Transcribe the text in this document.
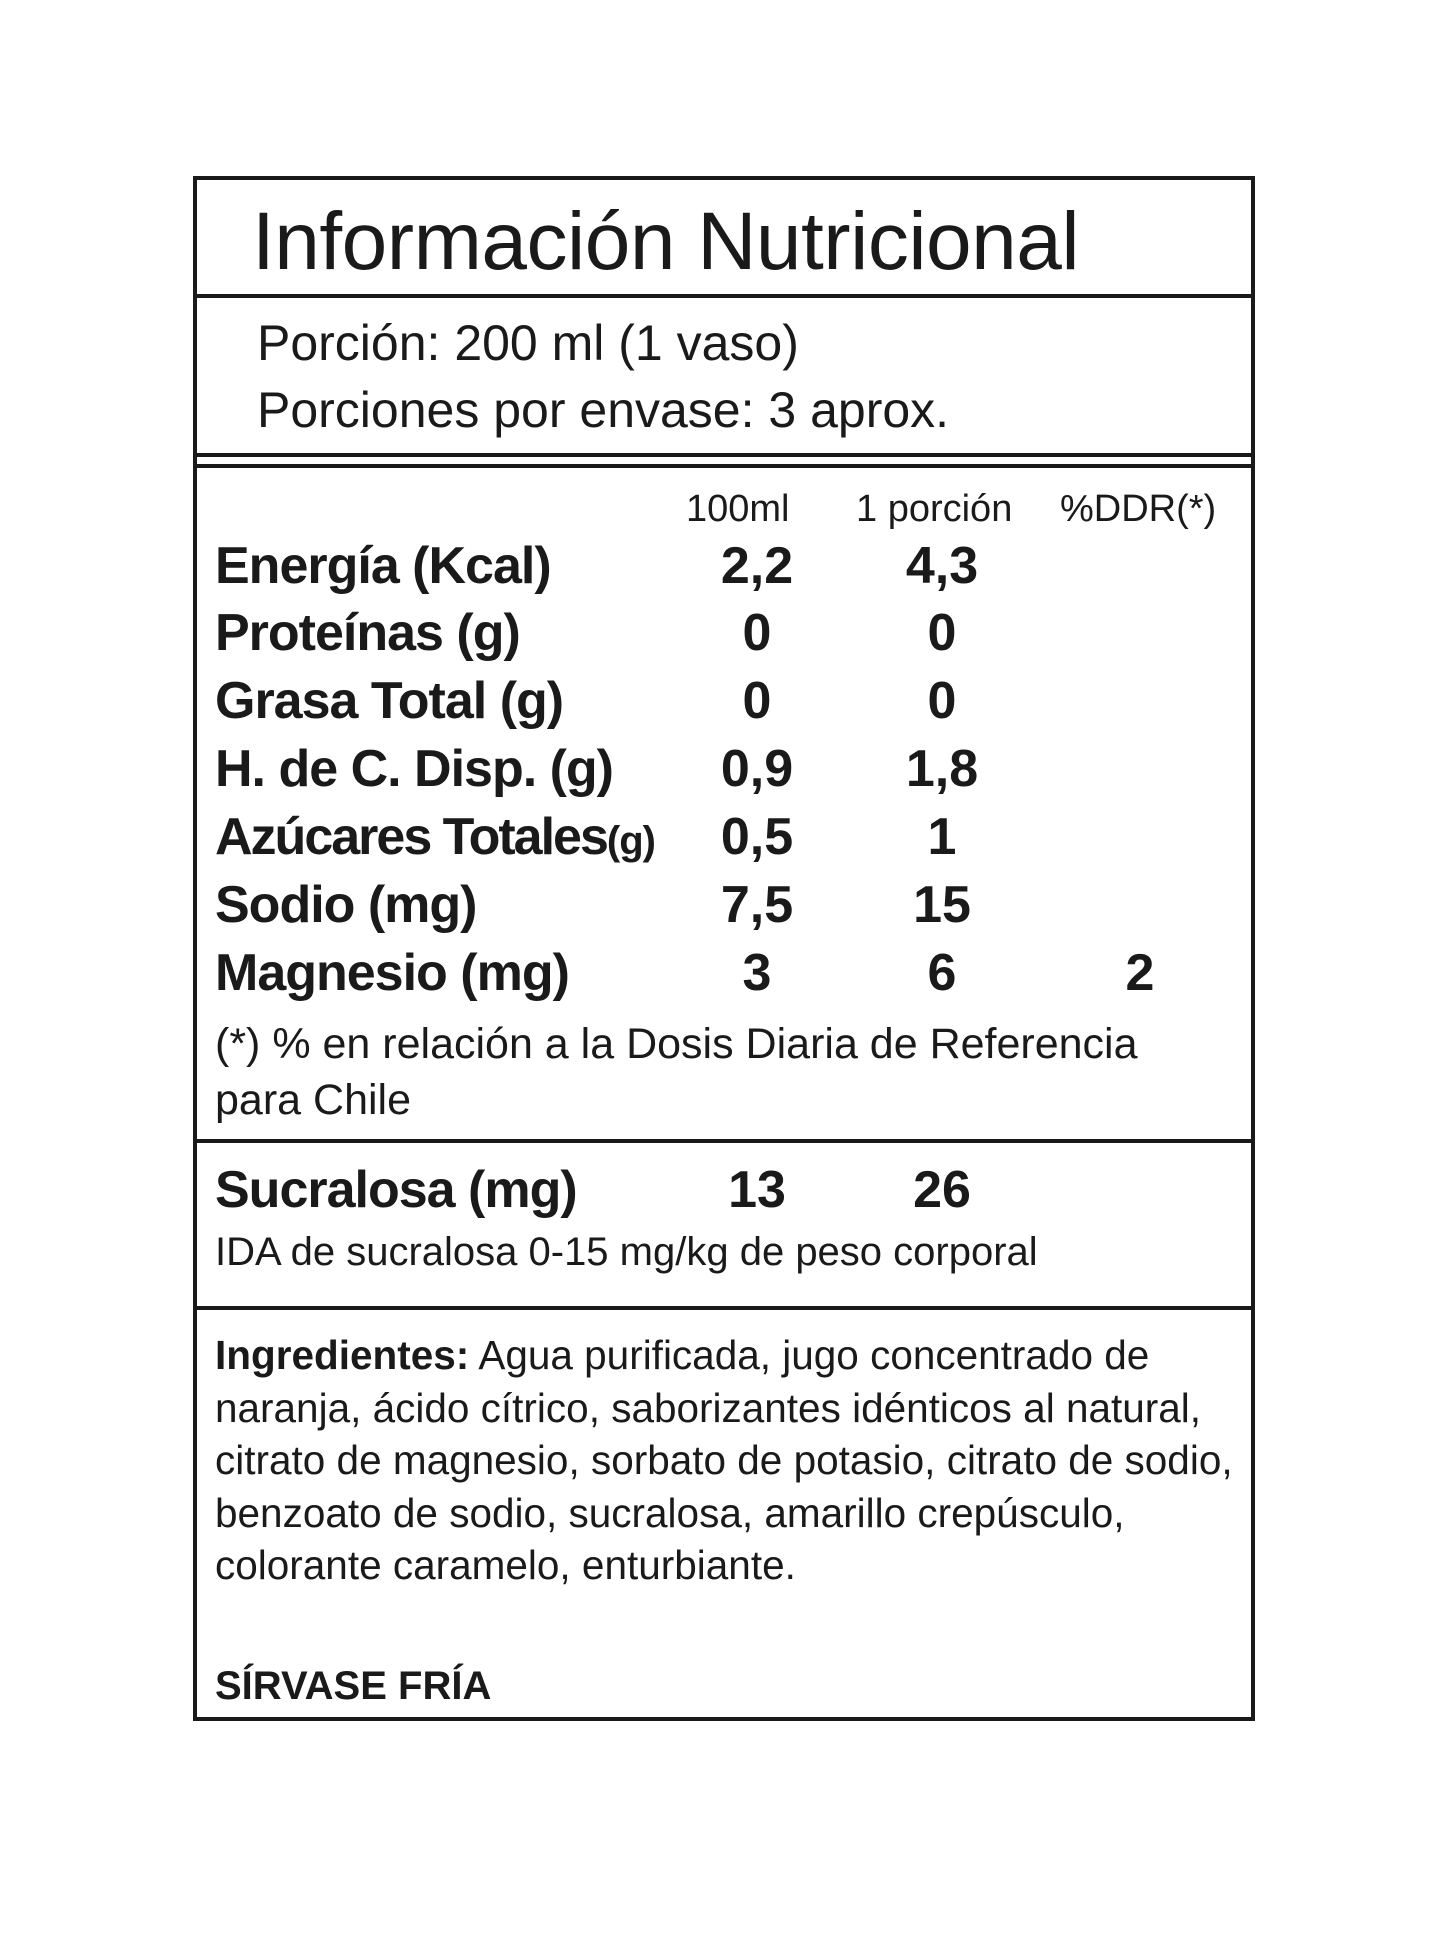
Información Nutricional
Porción: 200 ml (1 vaso)
Porciones por envase: 3 aprox.
100ml 1 porción %DDR(*)
Energía (Kcal)	2,2	4,3
Proteínas (g)	0	0
Grasa Total (g)	0	0
H. de C. Disp. (g)	0,9	1,8
Azúcares Totales(g)	0,5	1
Sodio (mg)	7,5	15
Magnesio (mg)	3	6	2
(*) % en relación a la Dosis Diaria de Referencia para Chile
Sucralosa (mg)	13	26
IDA de sucralosa 0-15 mg/kg de peso corporal
Ingredientes: Agua purificada, jugo concentrado de naranja, ácido cítrico, saborizantes idénticos al natural, citrato de magnesio, sorbato de potasio, citrato de sodio, benzoato de sodio, sucralosa, amarillo crepúsculo, colorante caramelo, enturbiante.
SÍRVASE FRÍA
